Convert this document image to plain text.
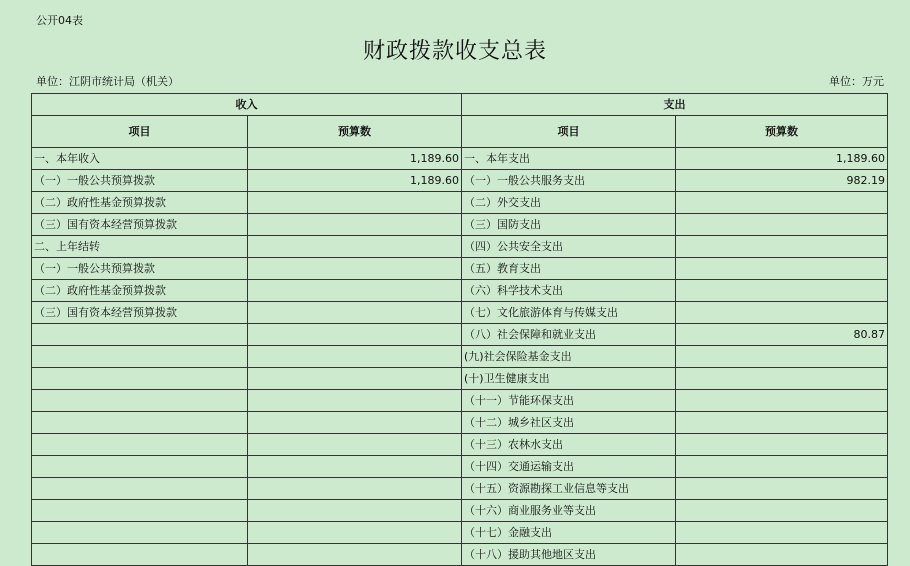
公开04表
财政拨款收支总表
单位：江阴市统计局（机关）	单位：万元
收入		支出	
项目	预算数	项目	预算数
一、本年收入	1,189.60	一、本年支出	1,189.60
（一）一般公共预算拨款	1,189.60	（一）一般公共服务支出	982.19
（二）政府性基金预算拨款		（二）外交支出	
（三）国有资本经营预算拨款		（三）国防支出	
二、上年结转		（四）公共安全支出	
（一）一般公共预算拨款		（五）教育支出	
（二）政府性基金预算拨款		（六）科学技术支出	
（三）国有资本经营预算拨款		（七）文化旅游体育与传媒支出	
		（八）社会保障和就业支出	80.87
		(九)社会保险基金支出	
		(十)卫生健康支出	
		（十一）节能环保支出	
		（十二）城乡社区支出	
		（十三）农林水支出	
		（十四）交通运输支出	
		（十五）资源勘探工业信息等支出	
		（十六）商业服务业等支出	
		（十七）金融支出	
		（十八）援助其他地区支出	
